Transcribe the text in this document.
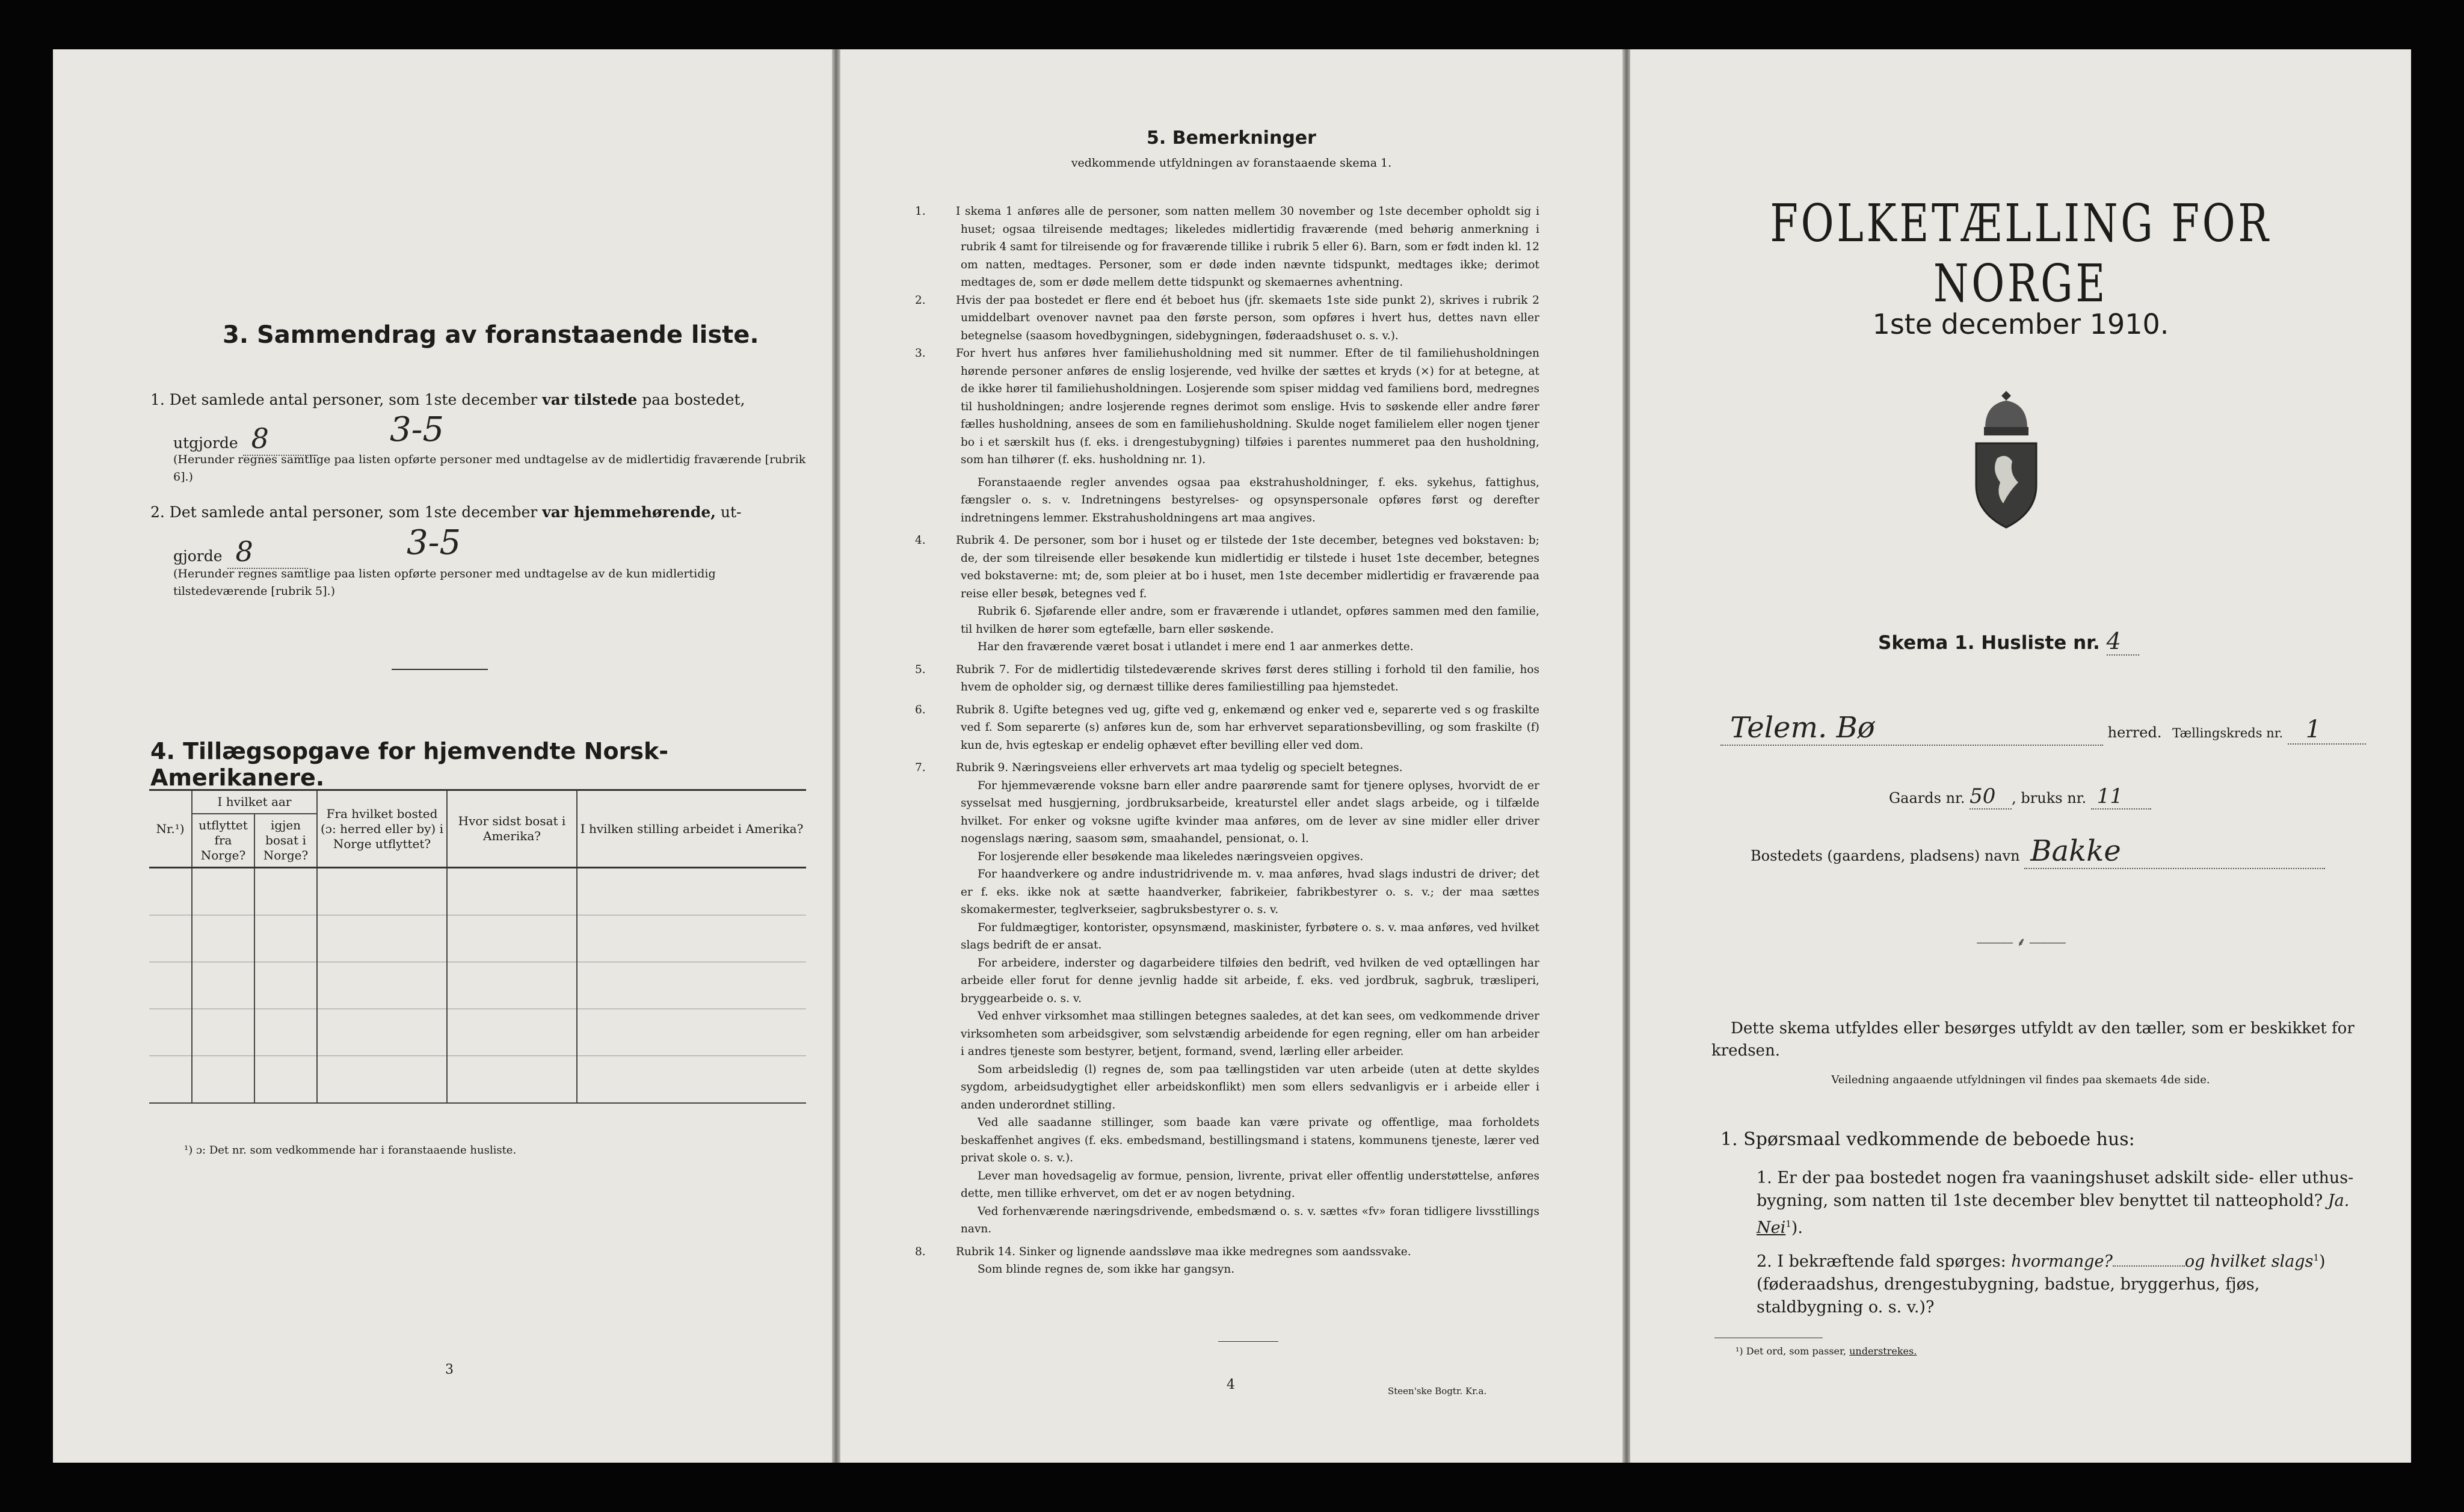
3. Sammendrag av foranstaaende liste.
1. Det samlede antal personer, som 1ste december var tilstede paa bostedet,
utgjorde 8	3-5
(Herunder regnes samtlige paa listen opførte personer med undtagelse av de midlertidig fraværende [rubrik 6].)
2. Det samlede antal personer, som 1ste december var hjemmehørende, ut-
gjorde 8	3-5
(Herunder regnes samtlige paa listen opførte personer med undtagelse av de kun midlertidig tilstedeværende [rubrik 5].)
4. Tillægsopgave for hjemvendte Norsk-Amerikanere.
Nr.¹)	I hvilket aar		Fra hvilket bosted (ɔ: herred eller by) i Norge utflyttet?	Hvor sidst bosat i Amerika?	I hvilken stilling arbeidet i Amerika?
	utflyttet fra Norge?	igjen bosat i Norge?			

¹) ɔ: Det nr. som vedkommende har i foranstaaende husliste.
3
5. Bemerkninger
vedkommende utfyldningen av foranstaaende skema 1.

1.	I skema 1 anføres alle de personer, som natten mellem 30 november og 1ste december opholdt sig i huset; ogsaa tilreisende medtages; likeledes midlertidig fraværende (med behørig anmerkning i rubrik 4 samt for tilreisende og for fraværende tillike i rubrik 5 eller 6). Barn, som er født inden kl. 12 om natten, medtages. Personer, som er døde inden nævnte tidspunkt, medtages ikke; derimot medtages de, som er døde mellem dette tidspunkt og skemaernes avhentning.

2.	Hvis der paa bostedet er flere end ét beboet hus (jfr. skemaets 1ste side punkt 2), skrives i rubrik 2 umiddelbart ovenover navnet paa den første person, som opføres i hvert hus, dettes navn eller betegnelse (saasom hovedbygningen, sidebygningen, føderaadshuset o. s. v.).

3.	For hvert hus anføres hver familiehusholdning med sit nummer. Efter de til familiehusholdningen hørende personer anføres de enslig losjerende, ved hvilke der sættes et kryds (×) for at betegne, at de ikke hører til familiehusholdningen. Losjerende som spiser middag ved familiens bord, medregnes til husholdningen; andre losjerende regnes derimot som enslige. Hvis to søskende eller andre fører fælles husholdning, ansees de som en familiehusholdning. Skulde noget familielem eller nogen tjener bo i et særskilt hus (f. eks. i drengestubygning) tilføies i parentes nummeret paa den husholdning, som han tilhører (f. eks. husholdning nr. 1).

Foranstaaende regler anvendes ogsaa paa ekstrahusholdninger, f. eks. sykehus, fattighus, fængsler o. s. v. Indretningens bestyrelses- og opsynspersonale opføres først og derefter indretningens lemmer. Ekstrahusholdningens art maa angives.

4.	Rubrik 4. De personer, som bor i huset og er tilstede der 1ste december, betegnes ved bokstaven: b; de, der som tilreisende eller besøkende kun midlertidig er tilstede i huset 1ste december, betegnes ved bokstaverne: mt; de, som pleier at bo i huset, men 1ste december midlertidig er fraværende paa reise eller besøk, betegnes ved f.

Rubrik 6. Sjøfarende eller andre, som er fraværende i utlandet, opføres sammen med den familie, til hvilken de hører som egtefælle, barn eller søskende.

Har den fraværende været bosat i utlandet i mere end 1 aar anmerkes dette.

5.	Rubrik 7. For de midlertidig tilstedeværende skrives først deres stilling i forhold til den familie, hos hvem de opholder sig, og dernæst tillike deres familiestilling paa hjemstedet.

6.	Rubrik 8. Ugifte betegnes ved ug, gifte ved g, enkemænd og enker ved e, separerte ved s og fraskilte ved f. Som separerte (s) anføres kun de, som har erhvervet separationsbevilling, og som fraskilte (f) kun de, hvis egteskap er endelig ophævet efter bevilling eller ved dom.

7.	Rubrik 9. Næringsveiens eller erhvervets art maa tydelig og specielt betegnes.

For hjemmeværende voksne barn eller andre paarørende samt for tjenere oplyses, hvorvidt de er sysselsat med husgjerning, jordbruksarbeide, kreaturstel eller andet slags arbeide, og i tilfælde hvilket. For enker og voksne ugifte kvinder maa anføres, om de lever av sine midler eller driver nogenslags næring, saasom søm, smaahandel, pensionat, o. l.

For losjerende eller besøkende maa likeledes næringsveien opgives.

For haandverkere og andre industridrivende m. v. maa anføres, hvad slags industri de driver; det er f. eks. ikke nok at sætte haandverker, fabrikeier, fabrikbestyrer o. s. v.; der maa sættes skomakermester, teglverkseier, sagbruksbestyrer o. s. v.

For fuldmægtiger, kontorister, opsynsmænd, maskinister, fyrbøtere o. s. v. maa anføres, ved hvilket slags bedrift de er ansat.

For arbeidere, inderster og dagarbeidere tilføies den bedrift, ved hvilken de ved optællingen har arbeide eller forut for denne jevnlig hadde sit arbeide, f. eks. ved jordbruk, sagbruk, træsliperi, bryggearbeide o. s. v.

Ved enhver virksomhet maa stillingen betegnes saaledes, at det kan sees, om vedkommende driver virksomheten som arbeidsgiver, som selvstændig arbeidende for egen regning, eller om han arbeider i andres tjeneste som bestyrer, betjent, formand, svend, lærling eller arbeider.

Som arbeidsledig (l) regnes de, som paa tællingstiden var uten arbeide (uten at dette skyldes sygdom, arbeidsudygtighet eller arbeidskonflikt) men som ellers sedvanligvis er i arbeide eller i anden underordnet stilling.

Ved alle saadanne stillinger, som baade kan være private og offentlige, maa forholdets beskaffenhet angives (f. eks. embedsmand, bestillingsmand i statens, kommunens tjeneste, lærer ved privat skole o. s. v.).

Lever man hovedsagelig av formue, pension, livrente, privat eller offentlig understøttelse, anføres dette, men tillike erhvervet, om det er av nogen betydning.

Ved forhenværende næringsdrivende, embedsmænd o. s. v. sættes «fv» foran tidligere livsstillings navn.

8.	Rubrik 14. Sinker og lignende aandssløve maa ikke medregnes som aandssvake.

Som blinde regnes de, som ikke har gangsyn.

4	Steen'ske Bogtr. Kr.a.
FOLKETÆLLING FOR NORGE
1ste december 1910.
Skema 1. Husliste nr. 4
Telem. Bø	herred. Tællingskreds nr. 1
Gaards nr. 50 , bruks nr. 11
Bostedets (gaardens, pladsens) navn Bakke
⎯⎯⎯⎯⎯⎯ ⸙ ⎯⎯⎯⎯⎯⎯
Dette skema utfyldes eller besørges utfyldt av den tæller, som er beskikket for kredsen.
Veiledning angaaende utfyldningen vil findes paa skemaets 4de side.
1. Spørsmaal vedkommende de beboede hus:
1. Er der paa bostedet nogen fra vaaningshuset adskilt side- eller uthus-bygning, som natten til 1ste december blev benyttet til natteophold? Ja. Nei$^1$).
2. I bekræftende fald spørges: hvormange?	og hvilket slags$^1$) (føderaadshus, drengestubygning, badstue, bryggerhus, fjøs, staldbygning o. s. v.)?
¹) Det ord, som passer, understrekes.
